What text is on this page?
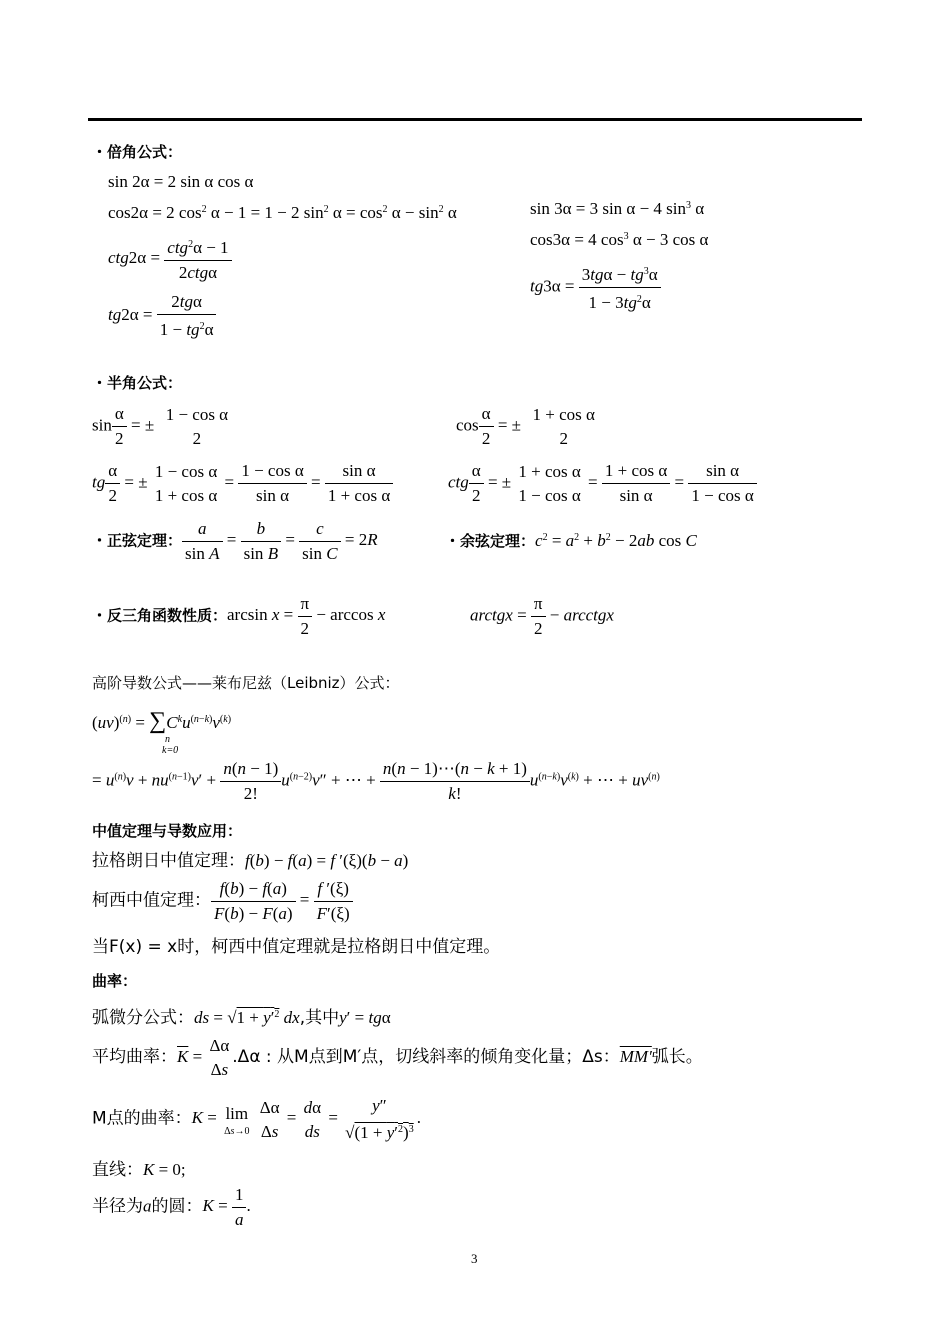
・倍角公式：
sin 2α = 2 sin α cos α
cos2α = 2 $\cos^2 \alpha - 1 = 1 - 2$ $\sin^2 \alpha = \cos^2 \alpha - \sin^2 \alpha$
$ctg2\alpha = \frac{ctg^2\alpha - 1}{\text{2ctgα}}$
$tg2\alpha = \frac{\text{2tgα}}{1 - tg^2\alpha}$
sin 3α = 3 sin α − 4 $\sin^3 \alpha$
cos3α = 4 $\cos^3 \alpha - 3$ cos α
$tg3\alpha = \frac{3tg\alpha - tg^3\alpha}{1 - 3tg^2\alpha}$
・半角公式：
$\sin \frac{\alpha}{2}$ = ±
1 − cos α
2
$\cos \frac{\alpha}{2}$ = ±
1 + cos α
2
tg $\frac{\alpha}{2}$ = ±
1 − cos α
1 + cos α
= $\frac{\text{1 − cos α}}{\text{sin α}} = \frac{\text{sin α}}{\text{1 + cos α}}$	ctg $\frac{\alpha}{2}$ = ±
1 + cos α
1 − cos α
= $\frac{\text{1 + cos α}}{\text{sin α}} = \frac{\text{sin α}}{\text{1 − cos α}}$
・正弦定理： $\frac{a}{\text{sin A}} = \frac{b}{\text{sin B}} = \frac{c}{\text{sin C}} = 2R$	・余弦定理：$c^2 = a^2 + b^2 - 2ab$ cos C
・反三角函数性质：$\arcsin x = \frac{\pi}{2} - \arccos x$	arctgx = $\frac{\pi}{2}$ − arcctgx
高阶导数公式——莱布尼兹（Leibniz）公式：
$(uv)^{(n)} = \sum C^ku^{(n-k)}v^{(k)}$
k=0
n
= $u^{(n)}v + nu^{(n-1)}v' + \frac{n(n - 1)}{2!} u^{(n-2)}v''$ + ⋯ + $\frac{n(n - 1)\cdots(n - k + 1)}{k!} u^{(n-k)}v^{(k)}$ + ⋯ + $uv^{(n)}$
中值定理与导数应用：
拉格朗日中值定理：f(b) − f(a) = f ′(ξ)(b − a)
柯西中值定理： $\frac{f(b) - f(a)}{F(b) - F(a)} = \frac{f '(\xi)}{F'(\xi)}$
当F(x) = x时，柯西中值定理就是拉格朗日中值定理。
曲率：
弧微分公式：ds = $√1 + y'^2$ dx,其中y′ = tgα
平均曲率：$\overline{K}$ =
Δα
Δs
.Δα : 从M点到M′点，切线斜率的倾角变化量；Δs：MM′弧长。
M点的曲率：K = lim
Δs→0

Δα
Δs
=
dα
ds
=
y″
$√(1 + y'^2)^3$
.
直线：K = 0;
半径为a的圆：$K = \frac{1}{a}$ .
3
